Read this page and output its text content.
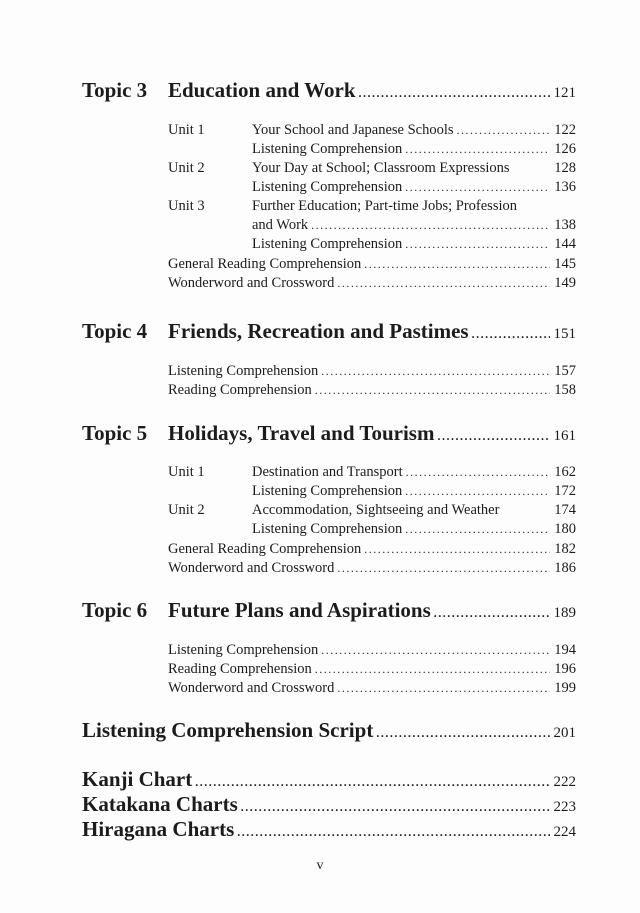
Topic 3 Education and Work .....	121
Unit 1	Your School and Japanese Schools .....	122
Listening Comprehension .....	126
Unit 2	Your Day at School; Classroom Expressions	128
Listening Comprehension .....	136
Unit 3	Further Education; Part-time Jobs; Profession
and Work .....	138
Listening Comprehension .....	144
General Reading Comprehension .....	145
Wonderword and Crossword .....	149
Topic 4 Friends, Recreation and Pastimes .....	151
Listening Comprehension .....	157
Reading Comprehension .....	158
Topic 5 Holidays, Travel and Tourism .....	161
Unit 1	Destination and Transport .....	162
Listening Comprehension .....	172
Unit 2	Accommodation, Sightseeing and Weather	174
Listening Comprehension .....	180
General Reading Comprehension .....	182
Wonderword and Crossword .....	186
Topic 6 Future Plans and Aspirations .....	189
Listening Comprehension .....	194
Reading Comprehension .....	196
Wonderword and Crossword .....	199
Listening Comprehension Script .....	201
Kanji Chart .....	222
Katakana Charts .....	223
Hiragana Charts .....	224
v
